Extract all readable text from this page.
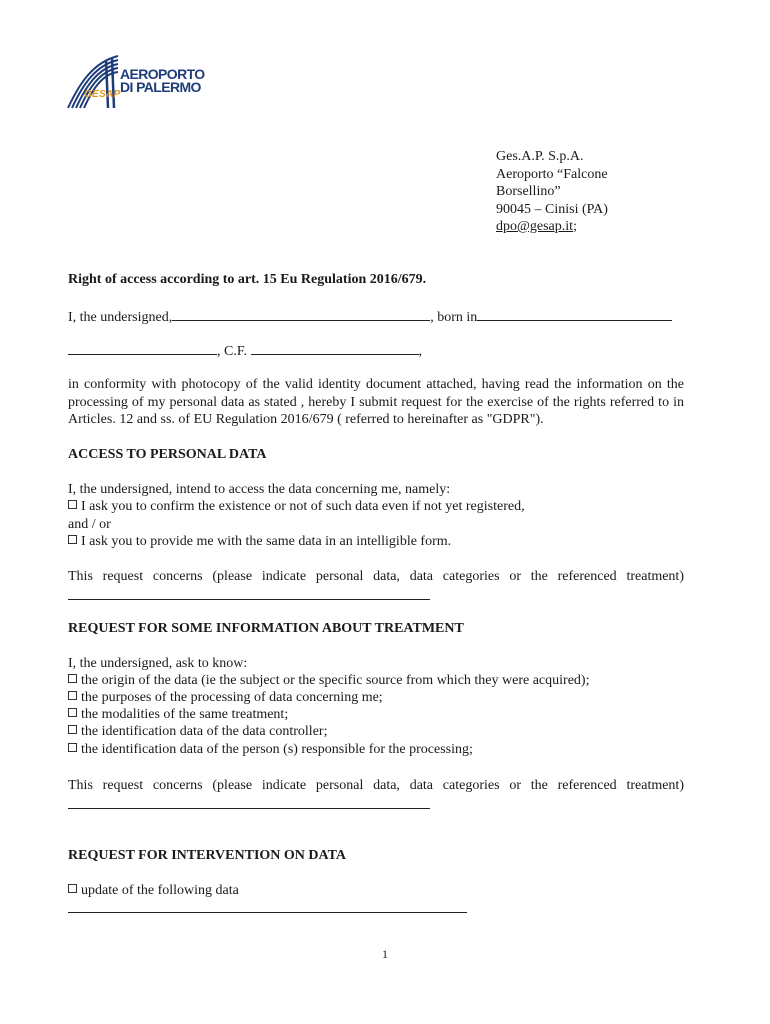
AEROPORTO
DI PALERMO
GESAP
Ges.A.P. S.p.A.
Aeroporto “Falcone
Borsellino”
90045 – Cinisi (PA)
dpo@gesap.it;
Right of access according to art. 15 Eu Regulation 2016/679.
I, the undersigned,	, born in
, C.F.	,
in conformity with photocopy of the valid identity document attached, having read the information on the processing of my personal data as stated , hereby I submit request for the exercise of the rights referred to in Articles. 12 and ss. of EU Regulation 2016/679 ( referred to hereinafter as "GDPR").
ACCESS TO PERSONAL DATA
I, the undersigned, intend to access the data concerning me, namely:
I ask you to confirm the existence or not of such data even if not yet registered,
and / or
I ask you to provide me with the same data in an intelligible form.
This request concerns (please indicate personal data, data categories or the referenced treatment)
REQUEST FOR SOME INFORMATION ABOUT TREATMENT
I, the undersigned, ask to know:
the origin of the data (ie the subject or the specific source from which they were acquired);
the purposes of the processing of data concerning me;
the modalities of the same treatment;
the identification data of the data controller;
the identification data of the person (s) responsible for the processing;
This request concerns (please indicate personal data, data categories or the referenced treatment)
REQUEST FOR INTERVENTION ON DATA
update of the following data
1
